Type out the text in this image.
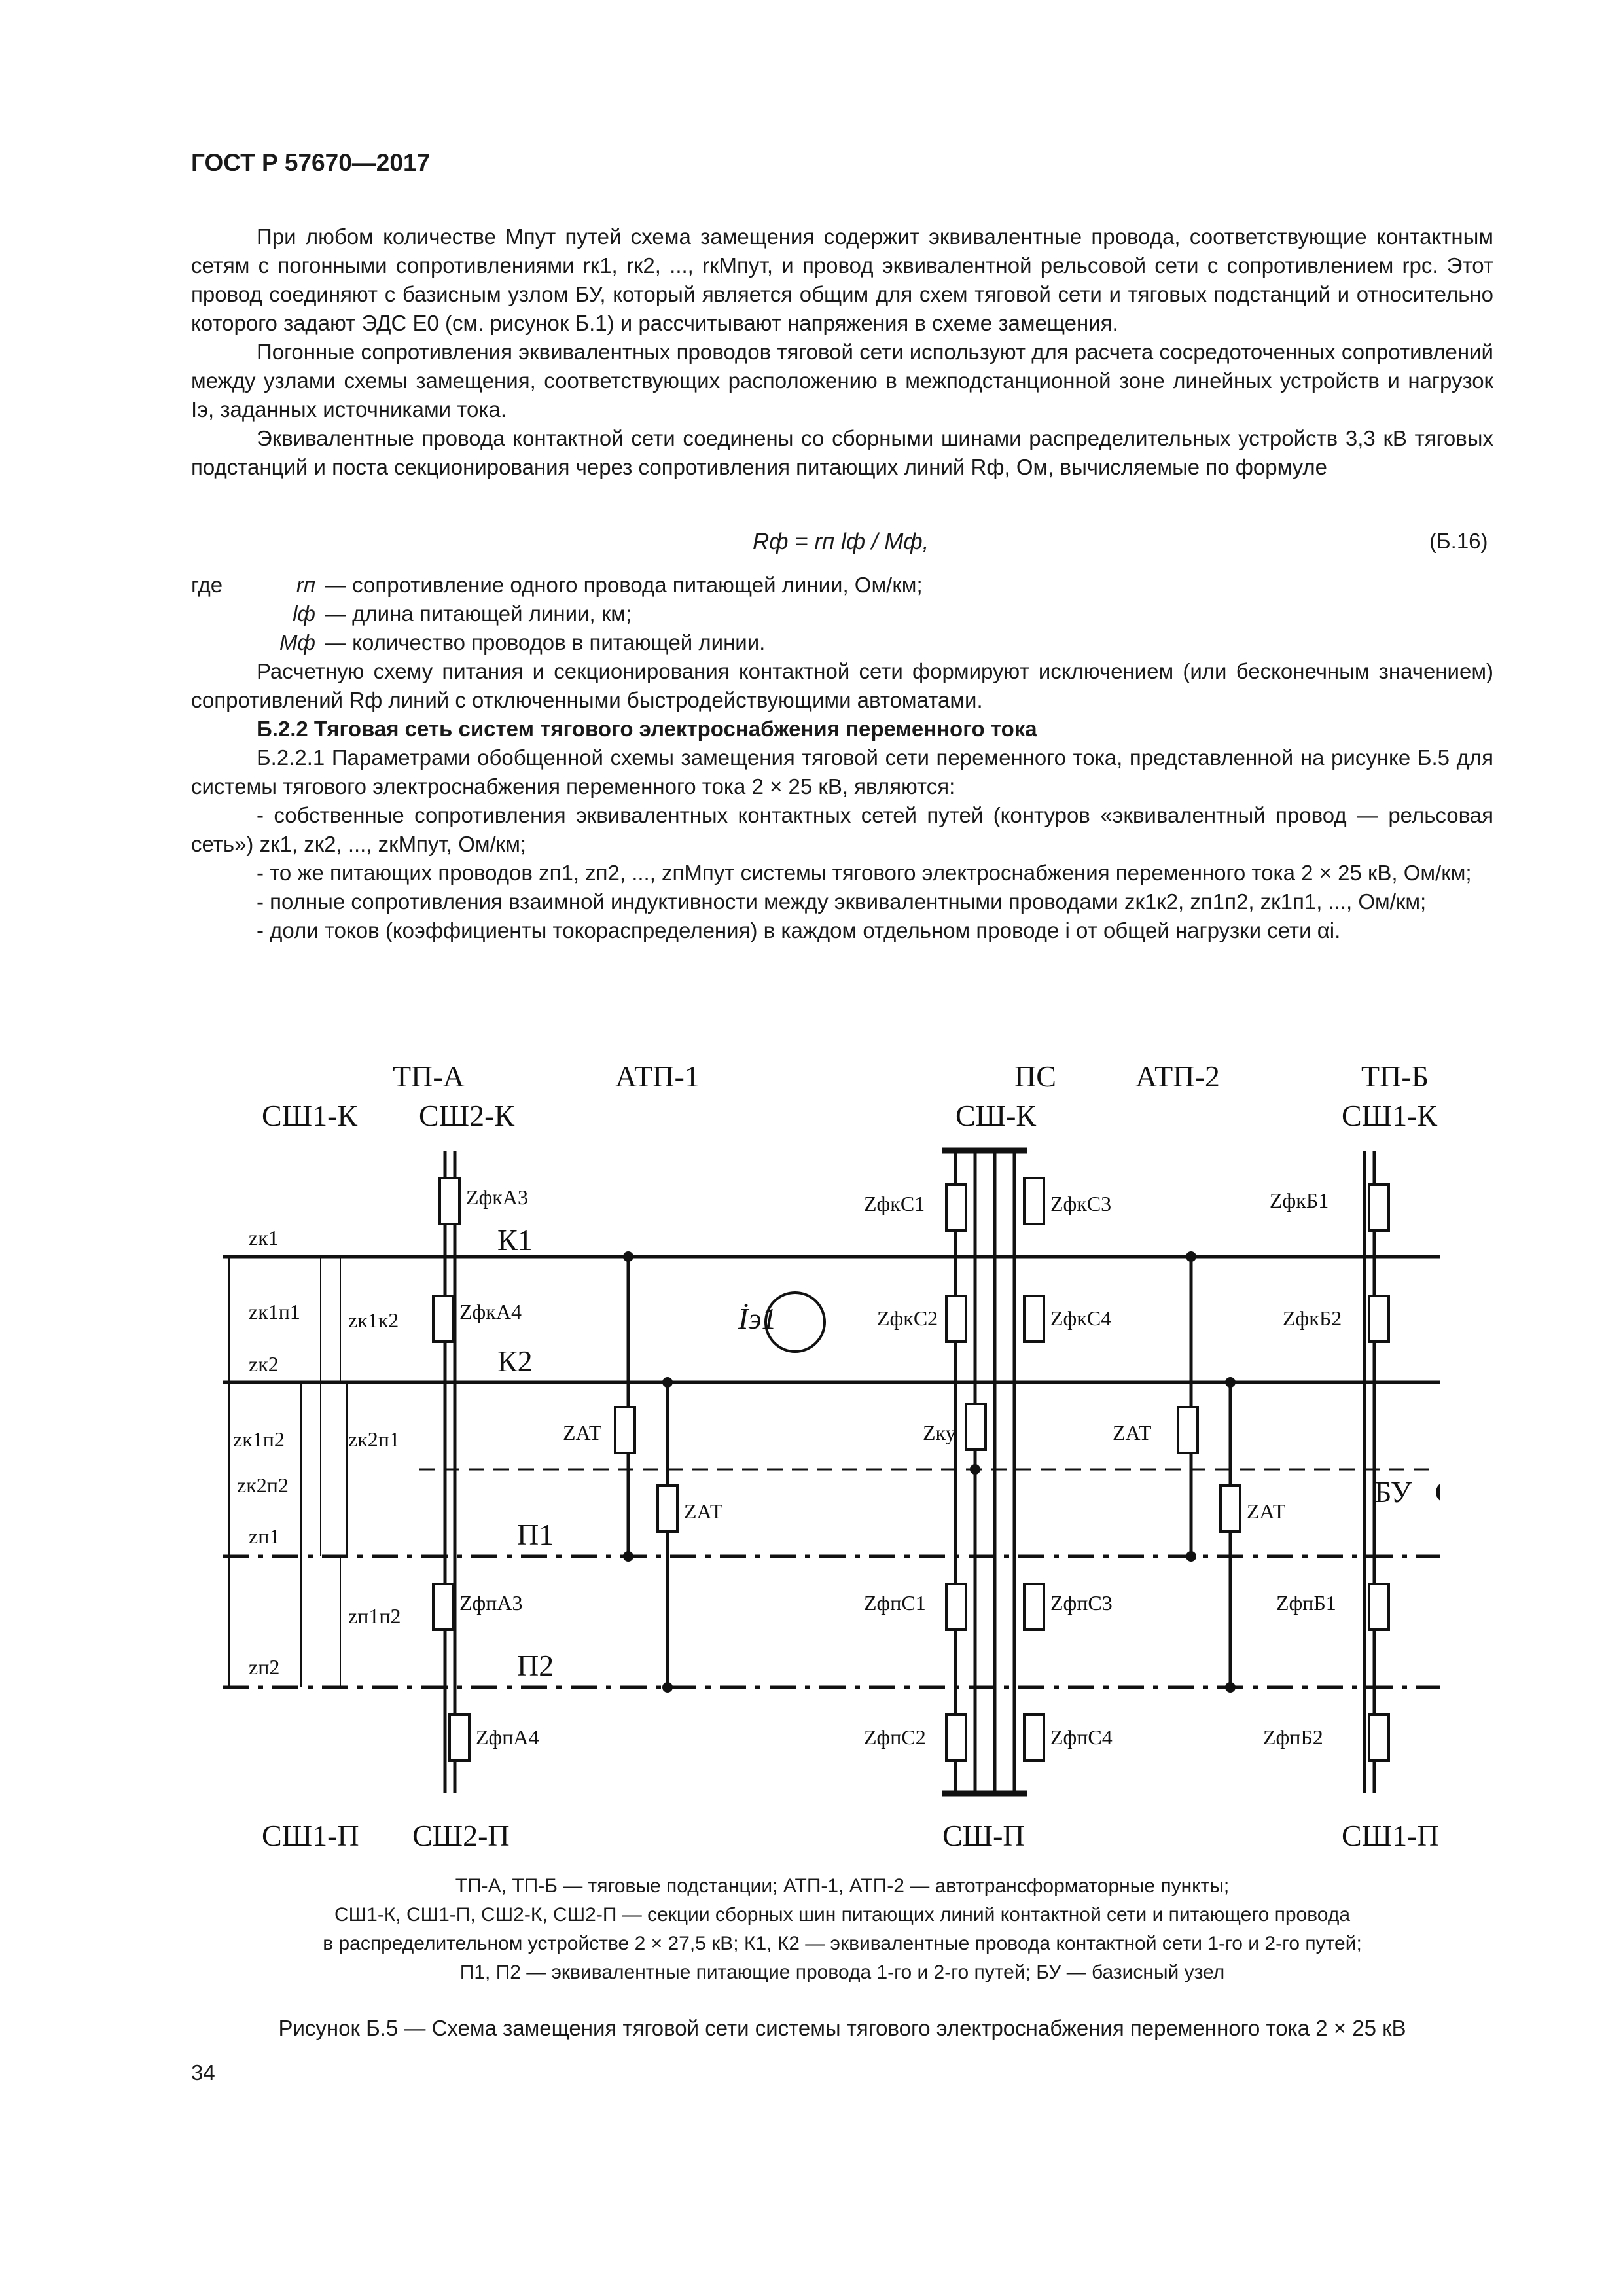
ГОСТ Р 57670—2017

При любом количестве Mпут путей схема замещения содержит эквивалентные провода, соответствующие контактным сетям с погонными сопротивлениями rк1, rк2, ..., rкMпут, и провод эквивалентной рельсовой сети с сопротивлением rрс. Этот провод соединяют с базисным узлом БУ, который является общим для схем тяговой сети и тяговых подстанций и относительно которого задают ЭДС E0 (см. рисунок Б.1) и рассчитывают напряжения в схеме замещения.

Погонные сопротивления эквивалентных проводов тяговой сети используют для расчета сосредоточенных сопротивлений между узлами схемы замещения, соответствующих расположению в межподстанционной зоне линейных устройств и нагрузок Iэ, заданных источниками тока.

Эквивалентные провода контактной сети соединены со сборными шинами распределительных устройств 3,3 кВ тяговых подстанций и поста секционирования через сопротивления питающих линий Rф, Ом, вычисляемые по формуле

Rф = rп lф / Mф,	(Б.16)
где	rп — сопротивление одного провода питающей линии, Ом/км;
lф — длина питающей линии, км;
Mф — количество проводов в питающей линии.

Расчетную схему питания и секционирования контактной сети формируют исключением (или бесконечным значением) сопротивлений Rф линий с отключенными быстродействующими автоматами.

Б.2.2 Тяговая сеть систем тягового электроснабжения переменного тока

Б.2.2.1 Параметрами обобщенной схемы замещения тяговой сети переменного тока, представленной на рисунке Б.5 для системы тягового электроснабжения переменного тока 2 × 25 кВ, являются:

- собственные сопротивления эквивалентных контактных сетей путей (контуров «эквивалентный провод — рельсовая сеть») zк1, zк2, ..., zкMпут, Ом/км;

- то же питающих проводов zп1, zп2, ..., zпMпут системы тягового электроснабжения переменного тока 2 × 25 кВ, Ом/км;

- полные сопротивления взаимной индуктивности между эквивалентными проводами zк1к2, zп1п2, zк1п1, ..., Ом/км;

- доли токов (коэффициенты токораспределения) в каждом отдельном проводе i от общей нагрузки сети αi.

ТП-А	АТП-1	ПС	АТП-2	ТП-Б
СШ1-К СШ2-К	СШ-К	СШ1-К
СШ1-П СШ2-П	СШ-П	СШ1-П
К1
К2
П1
П2
БУ
İэ1
zк1
zк1п1 zк1к2
zк2
zк1п2	zк2п1
zк2п2
zп1
zп1п2
zп2
ZфкА3
ZфкА4
ZфкС1	ZфкС3
ZфкС2	ZфкС4
ZфкБ1
ZфкБ2
ZАТ
ZАТ
ZАТ
ZАТ
Zку
ZфпА3
ZфпА4
ZфпС1	ZфпС3
ZфпС2	ZфпС4
ZфпБ1
ZфпБ2
ТП-А, ТП-Б — тяговые подстанции; АТП-1, АТП-2 — автотрансформаторные пункты;
СШ1-К, СШ1-П, СШ2-К, СШ2-П — секции сборных шин питающих линий контактной сети и питающего провода
в распределительном устройстве 2 × 27,5 кВ; К1, К2 — эквивалентные провода контактной сети 1-го и 2-го путей;
П1, П2 — эквивалентные питающие провода 1-го и 2-го путей; БУ — базисный узел
Рисунок Б.5 — Схема замещения тяговой сети системы тягового электроснабжения переменного тока 2 × 25 кВ
34
